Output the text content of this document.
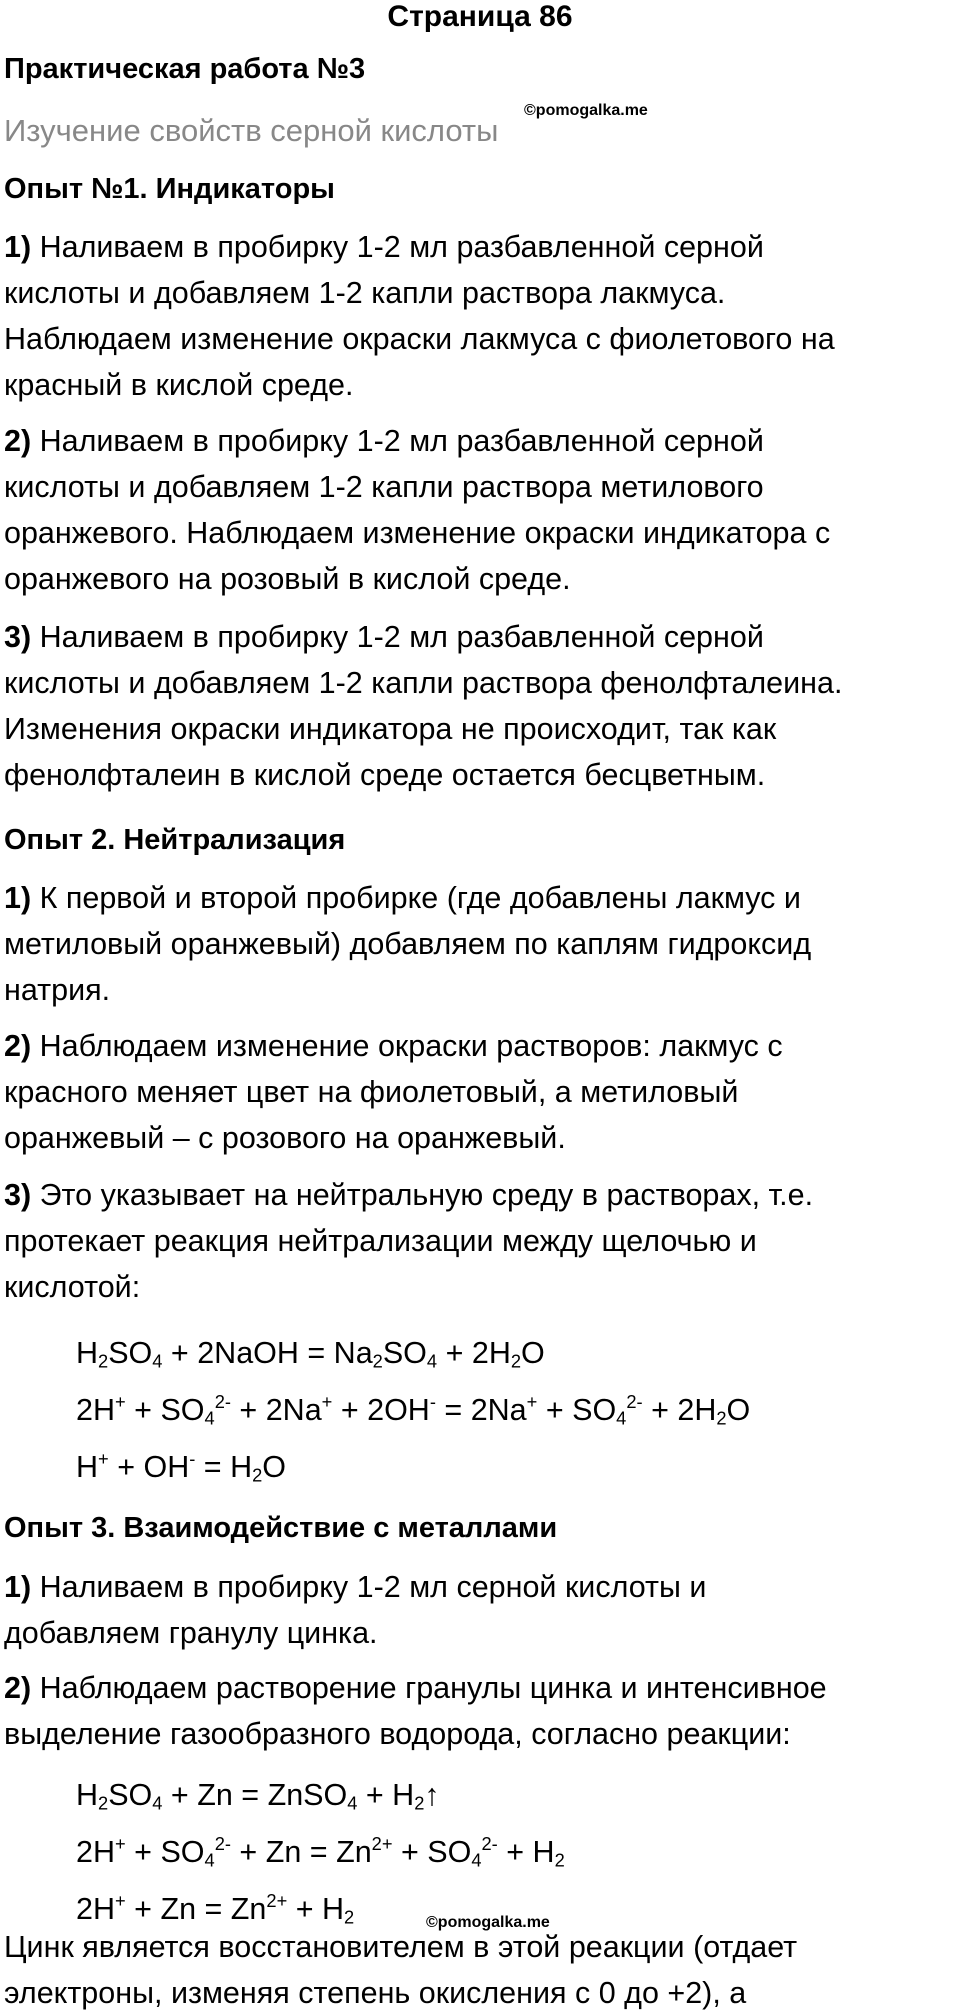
Страница 86
Практическая работа №3
©pomogalka.me
Изучение свойств серной кислоты
Опыт №1. Индикаторы
1) Наливаем в пробирку 1-2 мл разбавленной серной
кислоты и добавляем 1-2 капли раствора лакмуса.
Наблюдаем изменение окраски лакмуса с фиолетового на
красный в кислой среде.
2) Наливаем в пробирку 1-2 мл разбавленной серной
кислоты и добавляем 1-2 капли раствора метилового
оранжевого. Наблюдаем изменение окраски индикатора с
оранжевого на розовый в кислой среде.
3) Наливаем в пробирку 1-2 мл разбавленной серной
кислоты и добавляем 1-2 капли раствора фенолфталеина.
Изменения окраски индикатора не происходит, так как
фенолфталеин в кислой среде остается бесцветным.
Опыт 2. Нейтрализация
1) К первой и второй пробирке (где добавлены лакмус и
метиловый оранжевый) добавляем по каплям гидроксид
натрия.
2) Наблюдаем изменение окраски растворов: лакмус с
красного меняет цвет на фиолетовый, а метиловый
оранжевый – с розового на оранжевый.
3) Это указывает на нейтральную среду в растворах, т.е.
протекает реакция нейтрализации между щелочью и
кислотой:
$H_2SO_4$ + 2NaOH = $Na_2SO_4 + 2H_2O$
$2H^+ + SO_4^{2-} + 2Na^+ + 2OH^- = 2Na^+ + SO_4^{2-} + 2H_2O$
$H^+ + OH^- = H_2O$
Опыт 3. Взаимодействие с металлами
1) Наливаем в пробирку 1-2 мл серной кислоты и
добавляем гранулу цинка.
2) Наблюдаем растворение гранулы цинка и интенсивное
выделение газообразного водорода, согласно реакции:
$H_2SO_4 + Zn$ = ZnSO$_4$ + $H_2↑$
$2H^+ + SO_4^{2-} + Zn = Zn^{2+} + SO_4^{2-} + H_2$
$2H^+ + Zn = Zn^{2+} + H_2$	©pomogalka.me
Цинк является восстановителем в этой реакции (отдает
электроны, изменяя степень окисления с 0 до +2), а
